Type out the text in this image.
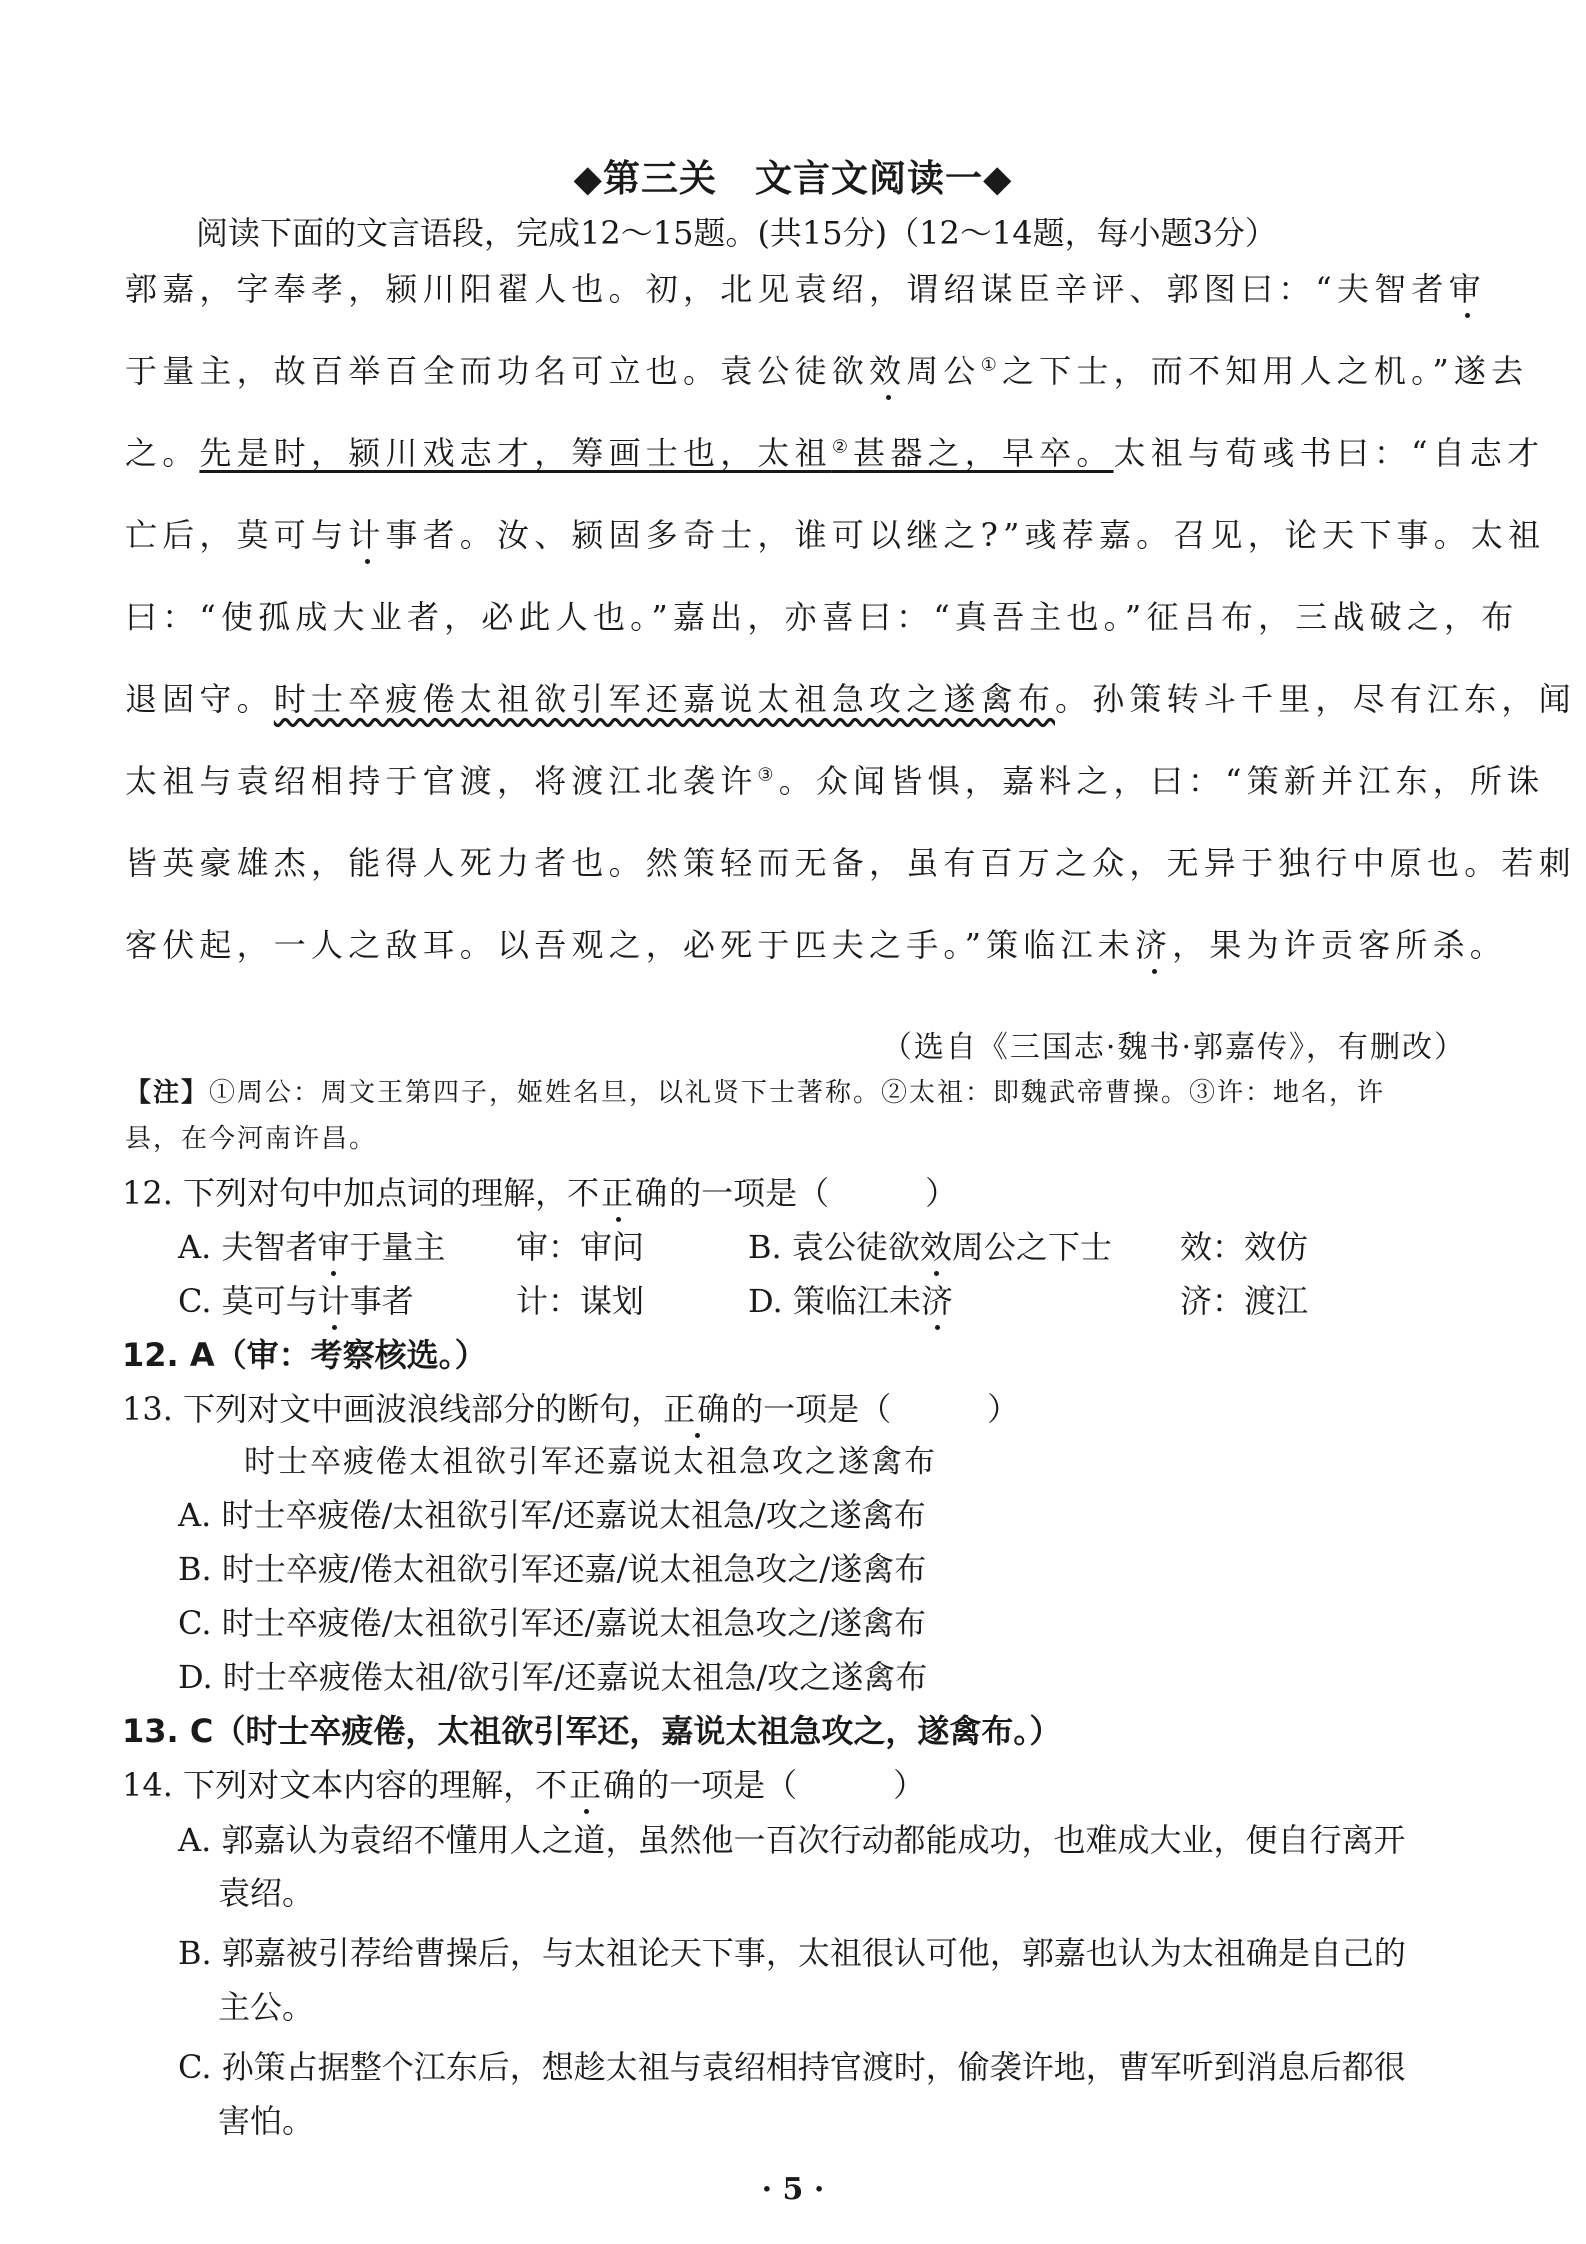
◆第三关　文言文阅读一◆
阅读下面的文言语段，完成12～15题。(共15分)（12～14题，每小题3分）
郭嘉，字奉孝，颍川阳翟人也。初，北见袁绍，谓绍谋臣辛评、郭图曰：“夫智者审
于量主，故百举百全而功名可立也。袁公徒欲效周公①之下士，而不知用人之机。”遂去
之。先是时，颍川戏志才，筹画士也，太祖②甚器之，早卒。太祖与荀彧书曰：“自志才
亡后，莫可与计事者。汝、颍固多奇士，谁可以继之?”彧荐嘉。召见，论天下事。太祖
曰：“使孤成大业者，必此人也。”嘉出，亦喜曰：“真吾主也。”征吕布，三战破之，布
退固守。时士卒疲倦太祖欲引军还嘉说太祖急攻之遂禽布。孙策转斗千里，尽有江东，闻
太祖与袁绍相持于官渡，将渡江北袭许③。众闻皆惧，嘉料之，曰：“策新并江东，所诛
皆英豪雄杰，能得人死力者也。然策轻而无备，虽有百万之众，无异于独行中原也。若刺
客伏起，一人之敌耳。以吾观之，必死于匹夫之手。”策临江未济，果为许贡客所杀。
（选自《三国志·魏书·郭嘉传》，有删改）
【注】①周公：周文王第四子，姬姓名旦，以礼贤下士著称。②太祖：即魏武帝曹操。③许：地名，许
县，在今河南许昌。
12. 下列对句中加点词的理解，不正确的一项是（　　　）
A. 夫智者审于量主 审：审问	B. 袁公徒欲效周公之下士 效：效仿
C. 莫可与计事者	计：谋划	D. 策临江未济	济：渡江
12. A（审：考察核选。）
13. 下列对文中画波浪线部分的断句，正确的一项是（　　　）
时士卒疲倦太祖欲引军还嘉说太祖急攻之遂禽布
A. 时士卒疲倦/太祖欲引军/还嘉说太祖急/攻之遂禽布
B. 时士卒疲/倦太祖欲引军还嘉/说太祖急攻之/遂禽布
C. 时士卒疲倦/太祖欲引军还/嘉说太祖急攻之/遂禽布
D. 时士卒疲倦太祖/欲引军/还嘉说太祖急/攻之遂禽布
13. C（时士卒疲倦，太祖欲引军还，嘉说太祖急攻之，遂禽布。）
14. 下列对文本内容的理解，不正确的一项是（　　　）
A. 郭嘉认为袁绍不懂用人之道，虽然他一百次行动都能成功，也难成大业，便自行离开
袁绍。
B. 郭嘉被引荐给曹操后，与太祖论天下事，太祖很认可他，郭嘉也认为太祖确是自己的
主公。
C. 孙策占据整个江东后，想趁太祖与袁绍相持官渡时，偷袭许地，曹军听到消息后都很
害怕。
· 5 ·
